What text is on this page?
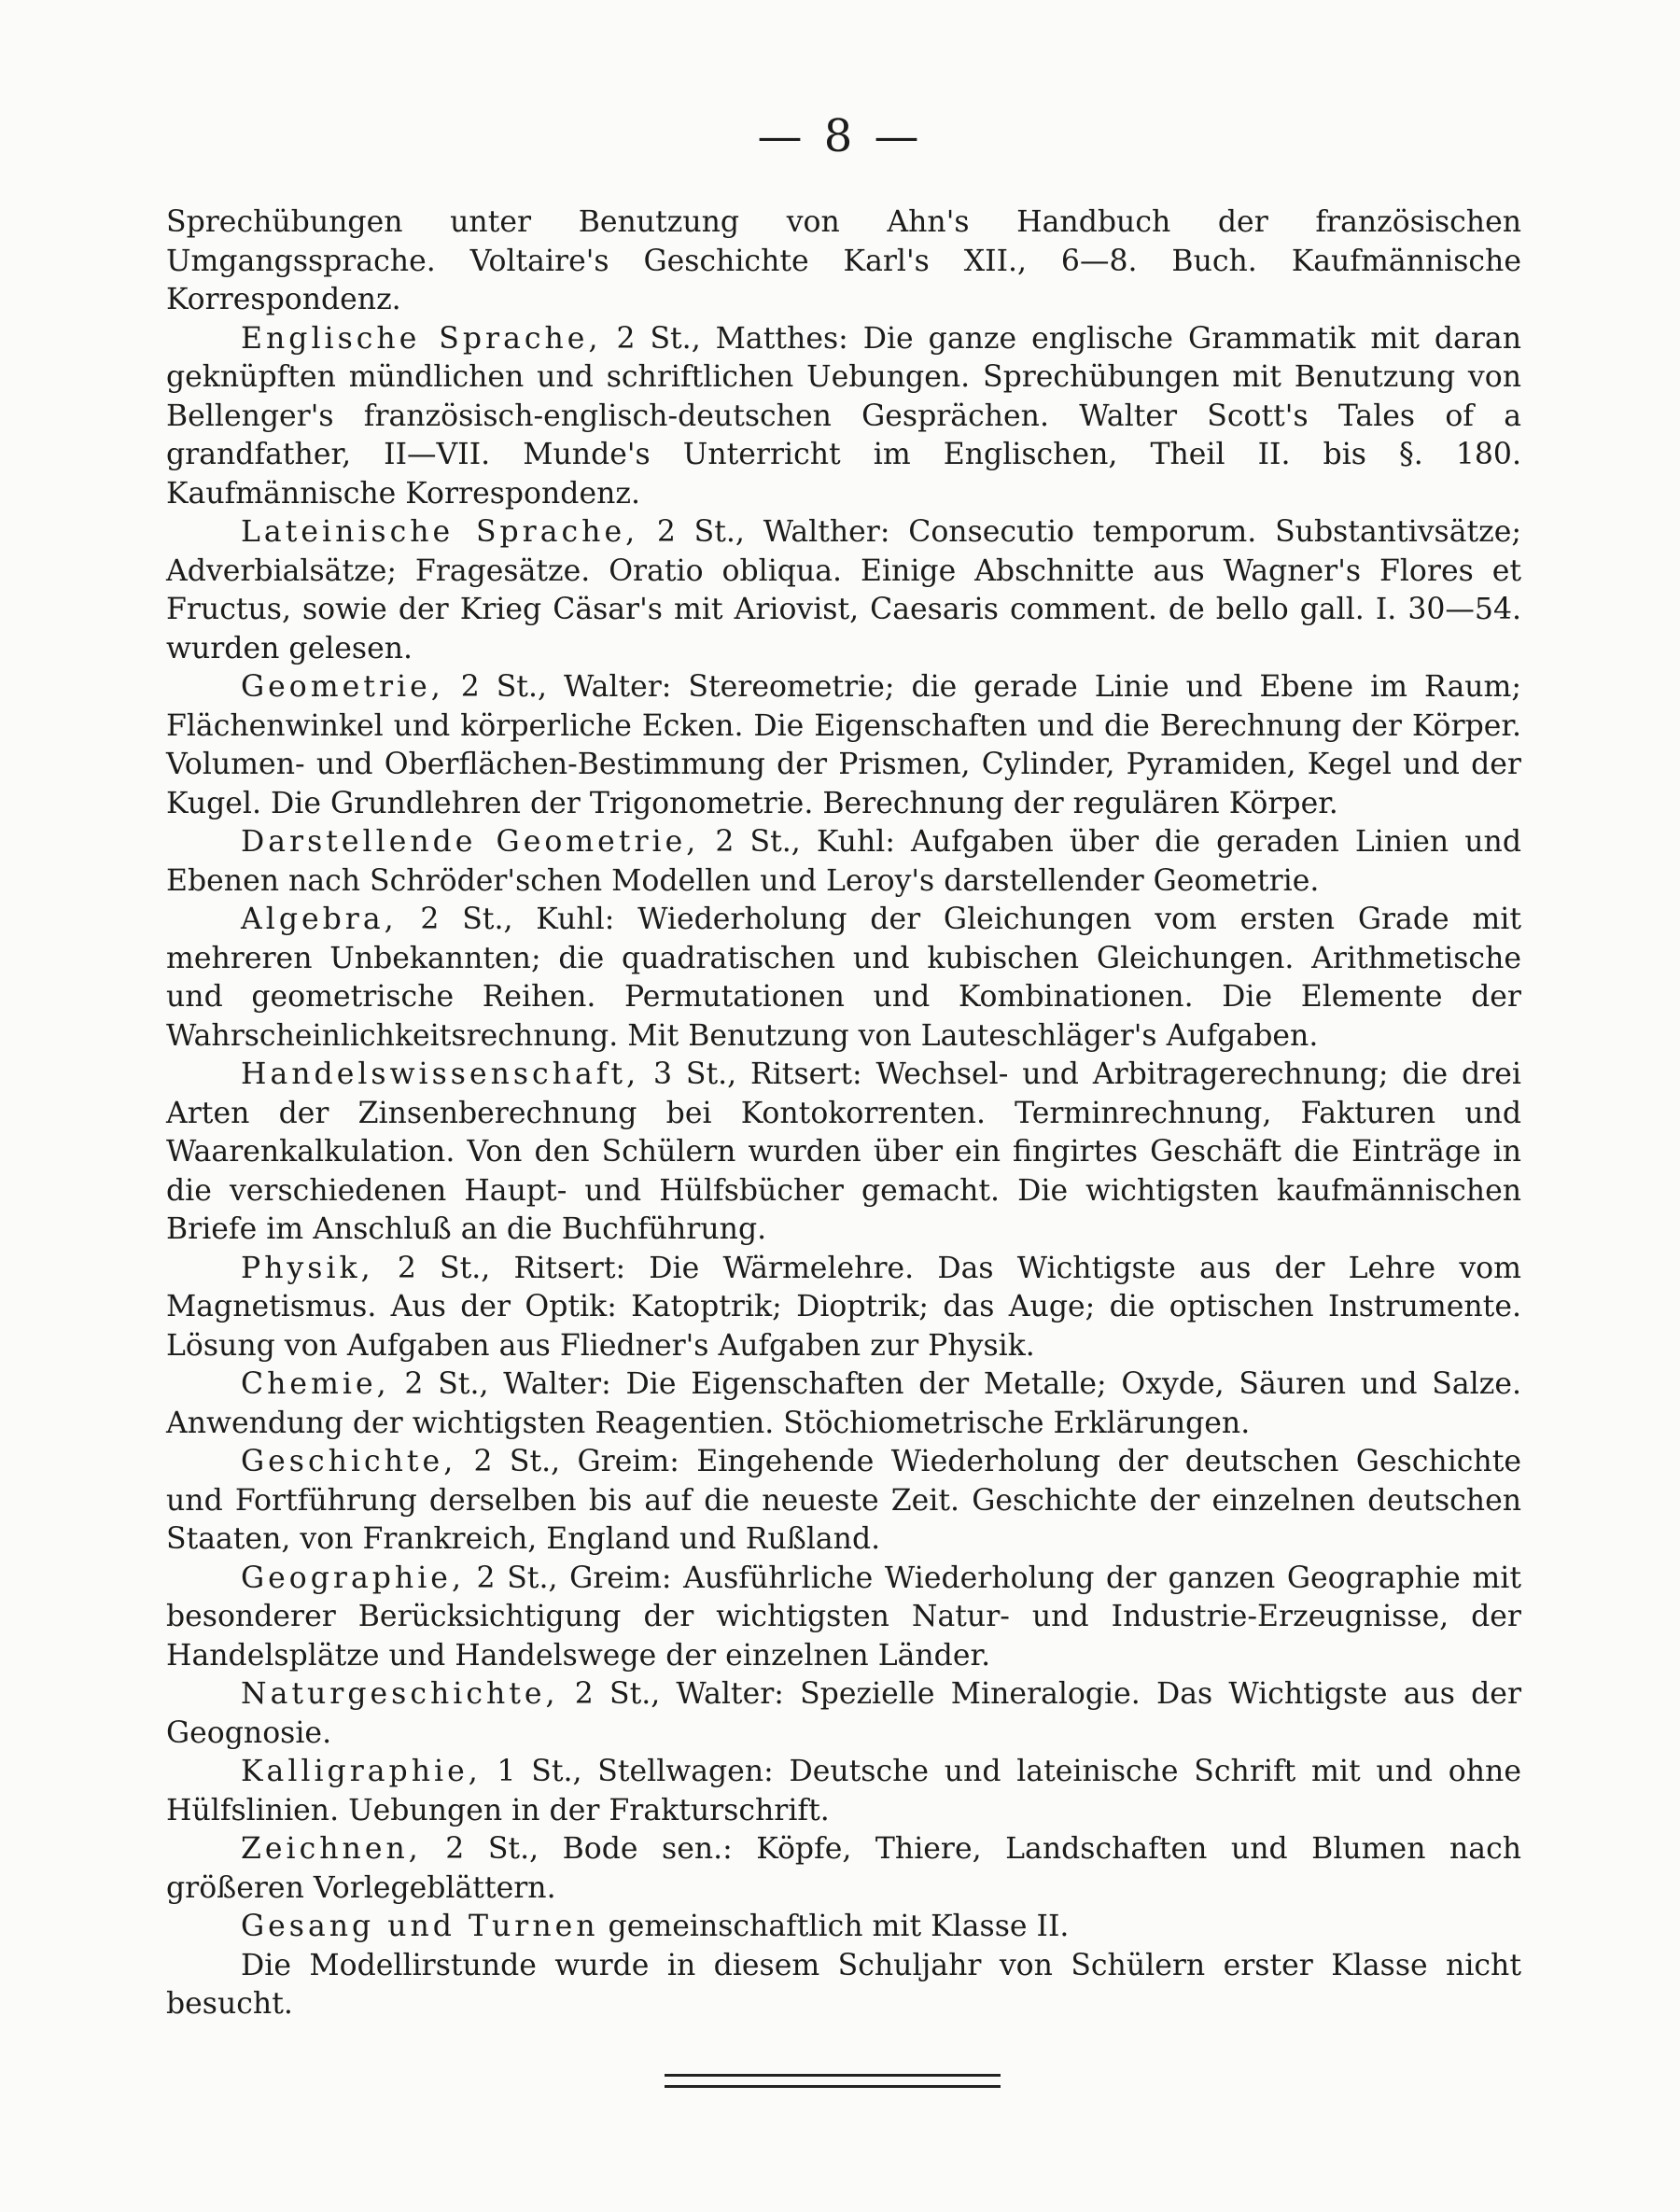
— 8 —

Sprechübungen unter Benutzung von Ahn's Handbuch der französischen Umgangssprache. Voltaire's Geschichte Karl's XII., 6—8. Buch. Kaufmännische Korrespondenz.

Englische Sprache, 2 St., Matthes: Die ganze englische Grammatik mit daran geknüpften mündlichen und schriftlichen Uebungen. Sprechübungen mit Benutzung von Bellenger's französisch-englisch-deutschen Gesprächen. Walter Scott's Tales of a grandfather, II—VII. Munde's Unterricht im Englischen, Theil II. bis §. 180. Kaufmännische Korrespondenz.

Lateinische Sprache, 2 St., Walther: Consecutio temporum. Substantivsätze; Adverbialsätze; Fragesätze. Oratio obliqua. Einige Abschnitte aus Wagner's Flores et Fructus, sowie der Krieg Cäsar's mit Ariovist, Caesaris comment. de bello gall. I. 30—54. wurden gelesen.

Geometrie, 2 St., Walter: Stereometrie; die gerade Linie und Ebene im Raum; Flächenwinkel und körperliche Ecken. Die Eigenschaften und die Berechnung der Körper. Volumen- und Oberflächen-Bestimmung der Prismen, Cylinder, Pyramiden, Kegel und der Kugel. Die Grundlehren der Trigonometrie. Berechnung der regulären Körper.

Darstellende Geometrie, 2 St., Kuhl: Aufgaben über die geraden Linien und Ebenen nach Schröder'schen Modellen und Leroy's darstellender Geometrie.

Algebra, 2 St., Kuhl: Wiederholung der Gleichungen vom ersten Grade mit mehreren Unbekannten; die quadratischen und kubischen Gleichungen. Arithmetische und geometrische Reihen. Permutationen und Kombinationen. Die Elemente der Wahrscheinlichkeitsrechnung. Mit Benutzung von Lauteschläger's Aufgaben.

Handelswissenschaft, 3 St., Ritsert: Wechsel- und Arbitragerechnung; die drei Arten der Zinsenberechnung bei Kontokorrenten. Terminrechnung, Fakturen und Waarenkalkulation. Von den Schülern wurden über ein fingirtes Geschäft die Einträge in die verschiedenen Haupt- und Hülfsbücher gemacht. Die wichtigsten kaufmännischen Briefe im Anschluß an die Buchführung.

Physik, 2 St., Ritsert: Die Wärmelehre. Das Wichtigste aus der Lehre vom Magnetismus. Aus der Optik: Katoptrik; Dioptrik; das Auge; die optischen Instrumente. Lösung von Aufgaben aus Fliedner's Aufgaben zur Physik.

Chemie, 2 St., Walter: Die Eigenschaften der Metalle; Oxyde, Säuren und Salze. Anwendung der wichtigsten Reagentien. Stöchiometrische Erklärungen.

Geschichte, 2 St., Greim: Eingehende Wiederholung der deutschen Geschichte und Fortführung derselben bis auf die neueste Zeit. Geschichte der einzelnen deutschen Staaten, von Frankreich, England und Rußland.

Geographie, 2 St., Greim: Ausführliche Wiederholung der ganzen Geographie mit besonderer Berücksichtigung der wichtigsten Natur- und Industrie-Erzeugnisse, der Handelsplätze und Handelswege der einzelnen Länder.

Naturgeschichte, 2 St., Walter: Spezielle Mineralogie. Das Wichtigste aus der Geognosie.

Kalligraphie, 1 St., Stellwagen: Deutsche und lateinische Schrift mit und ohne Hülfslinien. Uebungen in der Frakturschrift.

Zeichnen, 2 St., Bode sen.: Köpfe, Thiere, Landschaften und Blumen nach größeren Vorlegeblättern.

Gesang und Turnen gemeinschaftlich mit Klasse II.

Die Modellirstunde wurde in diesem Schuljahr von Schülern erster Klasse nicht besucht.
